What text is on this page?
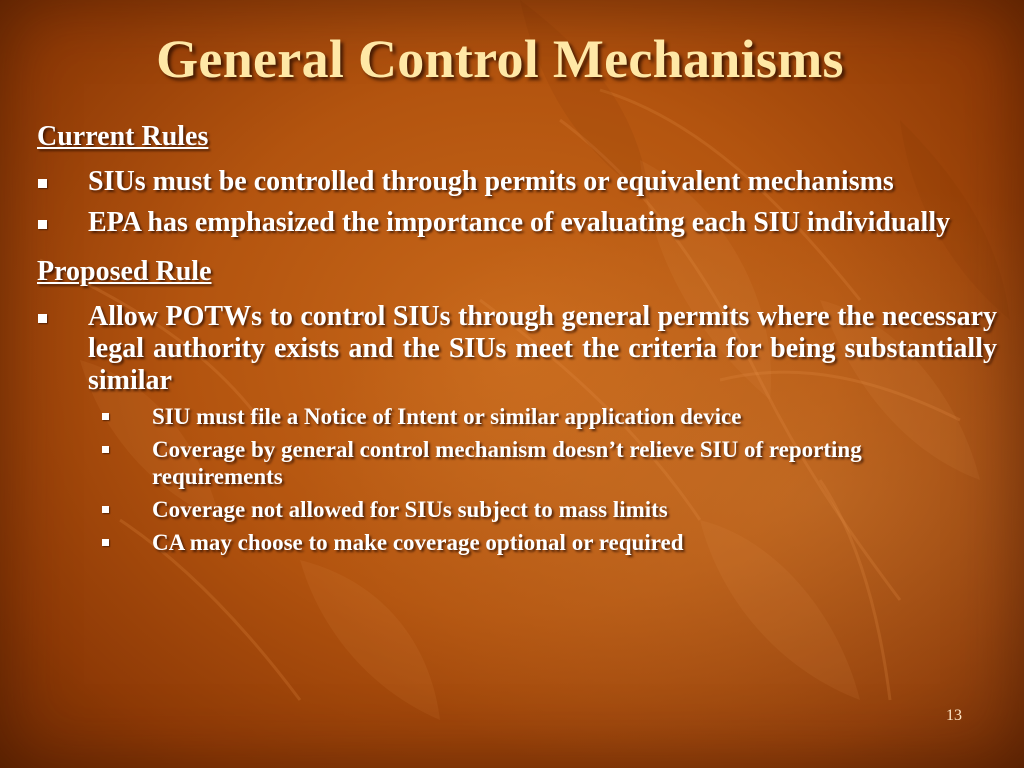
General Control Mechanisms

Current Rules

SIUs must be controlled through permits or equivalent mechanisms
EPA has emphasized the importance of evaluating each SIU individually

Proposed Rule

Allow POTWs to control SIUs through general permits where the necessary legal authority exists and the SIUs meet the criteria for being substantially similar
SIU must file a Notice of Intent or similar application device
Coverage by general control mechanism doesn’t relieve SIU of reporting requirements
Coverage not allowed for SIUs subject to mass limits
CA may choose to make coverage optional or required
13
